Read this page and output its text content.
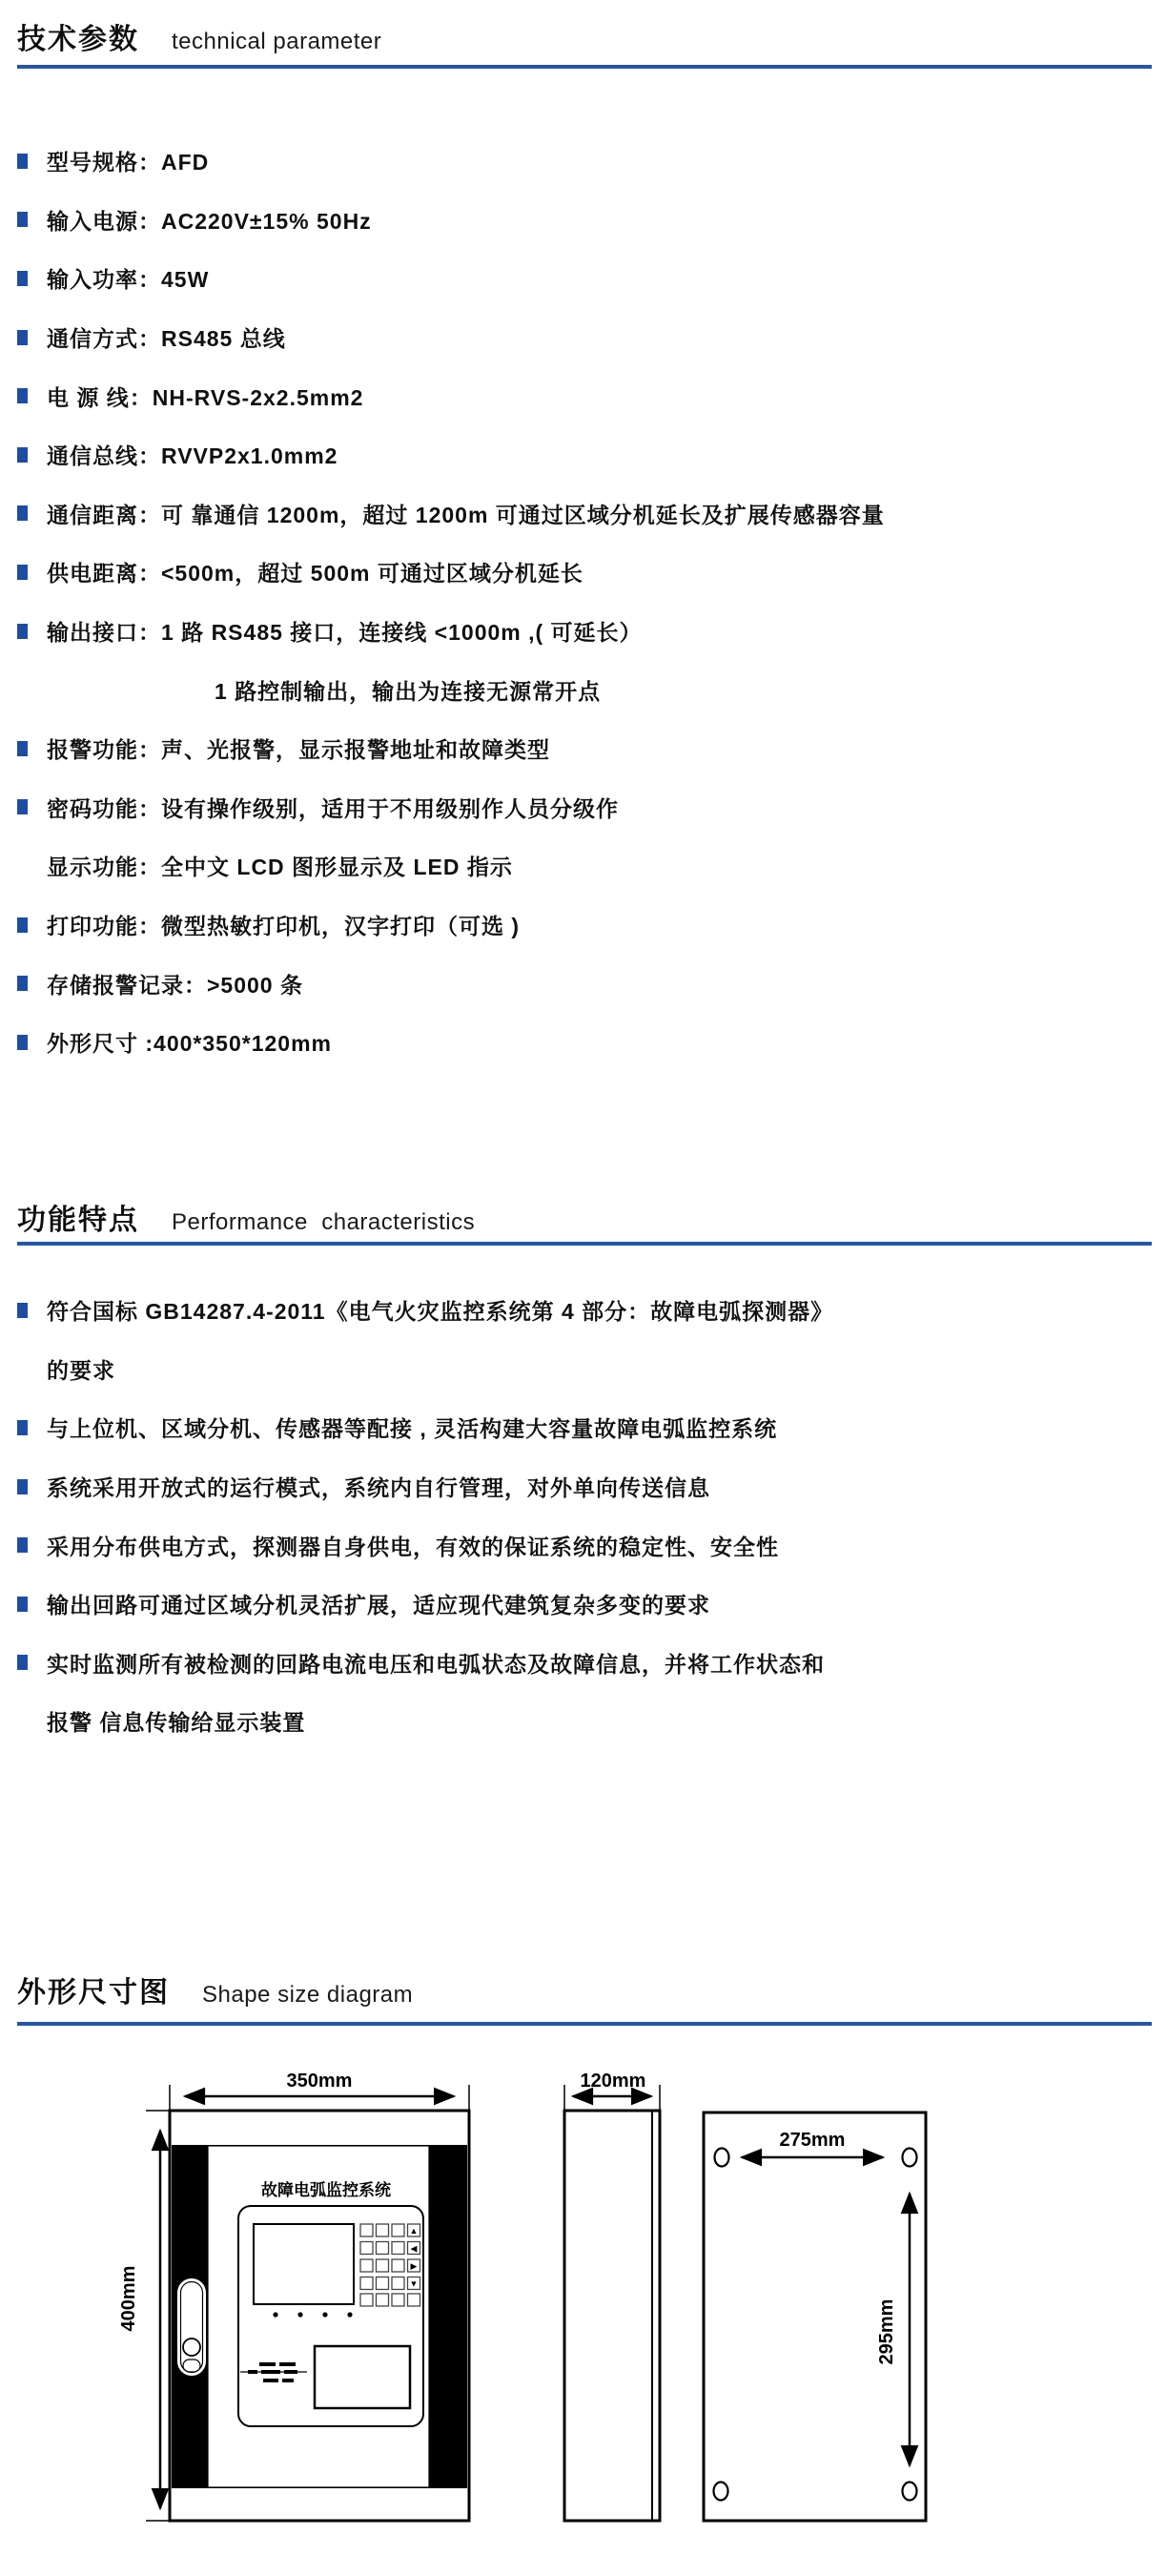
技术参数 technical parameter
型号规格：AFD
输入电源：AC220V±15% 50Hz
输入功率：45W
通信方式：RS485 总线
电 源 线：NH-RVS-2x2.5mm2
通信总线：RVVP2x1.0mm2
通信距离：可 靠通信 1200m，超过 1200m 可通过区域分机延长及扩展传感器容量
供电距离：<500m，超过 500m 可通过区域分机延长
输出接口：1 路 RS485 接口，连接线 <1000m ,( 可延长）
1 路控制输出，输出为连接无源常开点
报警功能：声、光报警，显示报警地址和故障类型
密码功能：设有操作级别，适用于不用级别作人员分级作
显示功能：全中文 LCD 图形显示及 LED 指示
打印功能：微型热敏打印机，汉字打印（可选 )
存储报警记录：>5000 条
外形尺寸 :400*350*120mm
功能特点 Performance  characteristics
符合国标 GB14287.4-2011《电气火灾监控系统第 4 部分：故障电弧探测器》
的要求
与上位机、区域分机、传感器等配接 , 灵活构建大容量故障电弧监控系统
系统采用开放式的运行模式，系统内自行管理，对外单向传送信息
采用分布供电方式，探测器自身供电，有效的保证系统的稳定性、安全性
输出回路可通过区域分机灵活扩展，适应现代建筑复杂多变的要求
实时监测所有被检测的回路电流电压和电弧状态及故障信息，并将工作状态和
报警 信息传输给显示装置
外形尺寸图 Shape size diagram
350mm
故障电弧监控系统
▲
◀
▶
▼
400mm
120mm
275mm
295mm
